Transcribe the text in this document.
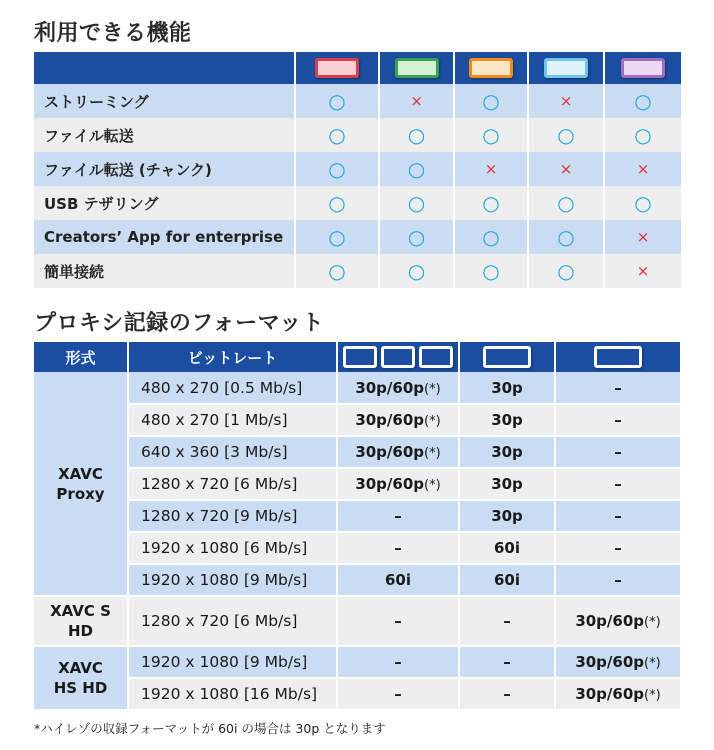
利用できる機能

ストリーミング	○	×	○	×	○
ファイル転送	○	○	○	○	○
ファイル転送 (チャンク)	○	○	×	×	×
USB テザリング	○	○	○	○	○
Creators’ App for enterprise	○	○	○	○	×
簡単接続	○	○	○	○	×
プロキシ記録のフォーマット
形式	ビットレート			

XAVC
Proxy	480 x 270 [0.5 Mb/s]	30p/60p(*)	30p	–
	480 x 270 [1 Mb/s]	30p/60p(*)	30p	–
	640 x 360 [3 Mb/s]	30p/60p(*)	30p	–
	1280 x 720 [6 Mb/s]	30p/60p(*)	30p	–
	1280 x 720 [9 Mb/s]	–	30p	–
	1920 x 1080 [6 Mb/s]	–	60i	–
	1920 x 1080 [9 Mb/s]	60i	60i	–

XAVC S
HD	1280 x 720 [6 Mb/s]	–	–	30p/60p(*)

XAVC
HS HD	1920 x 1080 [9 Mb/s]	–	–	30p/60p(*)
	1920 x 1080 [16 Mb/s]	–	–	30p/60p(*)
*ハイレゾの収録フォーマットが 60i の場合は 30p となります
